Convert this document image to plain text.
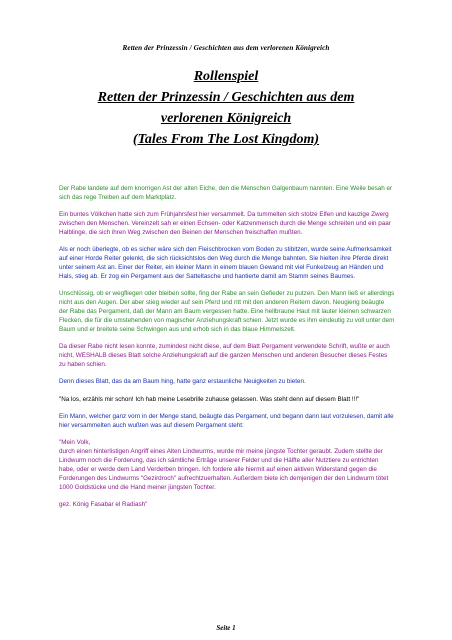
Retten der Prinzessin / Geschichten aus dem verlorenen Königreich
Rollenspiel
Retten der Prinzessin / Geschichten aus dem
verlorenen Königreich
(Tales From The Lost Kingdom)

Der Rabe landete auf dem knorrigen Ast der alten Eiche, den die Menschen Galgenbaum nannten. Eine Weile besah er sich das rege Treiben auf dem Marktplatz.

Ein buntes Völkchen hatte sich zum Frühjahrsfest hier versammelt. Da tummelten sich stolze Elfen und kauzige Zwerg zwischen den Menschen. Vereinzelt sah er einen Echsen- oder Katzenmensch durch die Menge schreiten und ein paar Halblinge, die sich ihren Weg zwischen den Beinen der Menschen freischaffen mußten.

Als er noch überlegte, ob es sicher wäre sich den Fleischbrocken vom Boden zu stibitzen, wurde seine Aufmerksamkeit auf einer Horde Reiter gelenkt, die sich rücksichtslos den Weg durch die Menge bahnten. Sie hielten ihre Pferde direkt unter seinem Ast an. Einer der Reiter, ein kleiner Mann in einem blauen Gewand mit viel Funkelzeug an Händen und Hals, stieg ab. Er zog ein Pergament aus der Satteltasche und hantierte damit am Stamm seines Baumes.

Unschlüssig, ob er wegfliegen oder bleiben sollte, fing der Rabe an sein Gefieder zu putzen. Den Mann ließ er allerdings nicht aus den Augen. Der aber stieg wieder auf sein Pferd und ritt mit den anderen Reitern davon. Neugierig beäugte der Rabe das Pergament, daß der Mann am Baum vergessen hatte. Eine hellbraune Haut mit lauter kleinen schwarzen Flecken, die für die umstehenden von magischer Anziehungskraft schien. Jetzt wurde es ihm eindeutig zu voll unter dem Baum und er breitete seine Schwingen aus und erhob sich in das blaue Himmelszelt.

Da dieser Rabe nicht lesen konnte, zumindest nicht diese, auf dem Blatt Pergament verwendete Schrift, wußte er auch nicht, WESHALB dieses Blatt solche Anziehungskraft auf die ganzen Menschen und anderen Besucher dieses Festes zu haben schien.

Denn dieses Blatt, das da am Baum hing, hatte ganz erstaunliche Neuigkeiten zu bieten.

"Na los, erzähls mir schon! Ich hab meine Lesebrille zuhause gelassen. Was steht denn auf diesem Blatt !!!"

Ein Mann, welcher ganz vorn in der Menge stand, beäugte das Pergament, und begann dann laut vorzulesen, damit alle hier versammelten auch wußten was auf diesem Pergament steht:

"Mein Volk,

durch einen hinterlistigen Angriff eines Alten Lindwurms, wurde mir meine jüngste Tochter geraubt. Zudem stellte der Lindwurm noch die Forderung, das ich sämtliche Erträge unserer Felder und die Hälfte aller Nutztiere zu entrichten habe, oder er werde dem Land Verderben bringen. Ich fordere alle hiermit auf einen aktiven Widerstand gegen die Forderungen des Lindwurms "Gezirdroch" aufrechtzuerhalten. Außerdem biete ich demjenigen der den Lindwurm tötet 1000 Goldstücke und die Hand meiner jüngsten Tochter.

gez. König Fasabar el Radiash"

Seite 1
